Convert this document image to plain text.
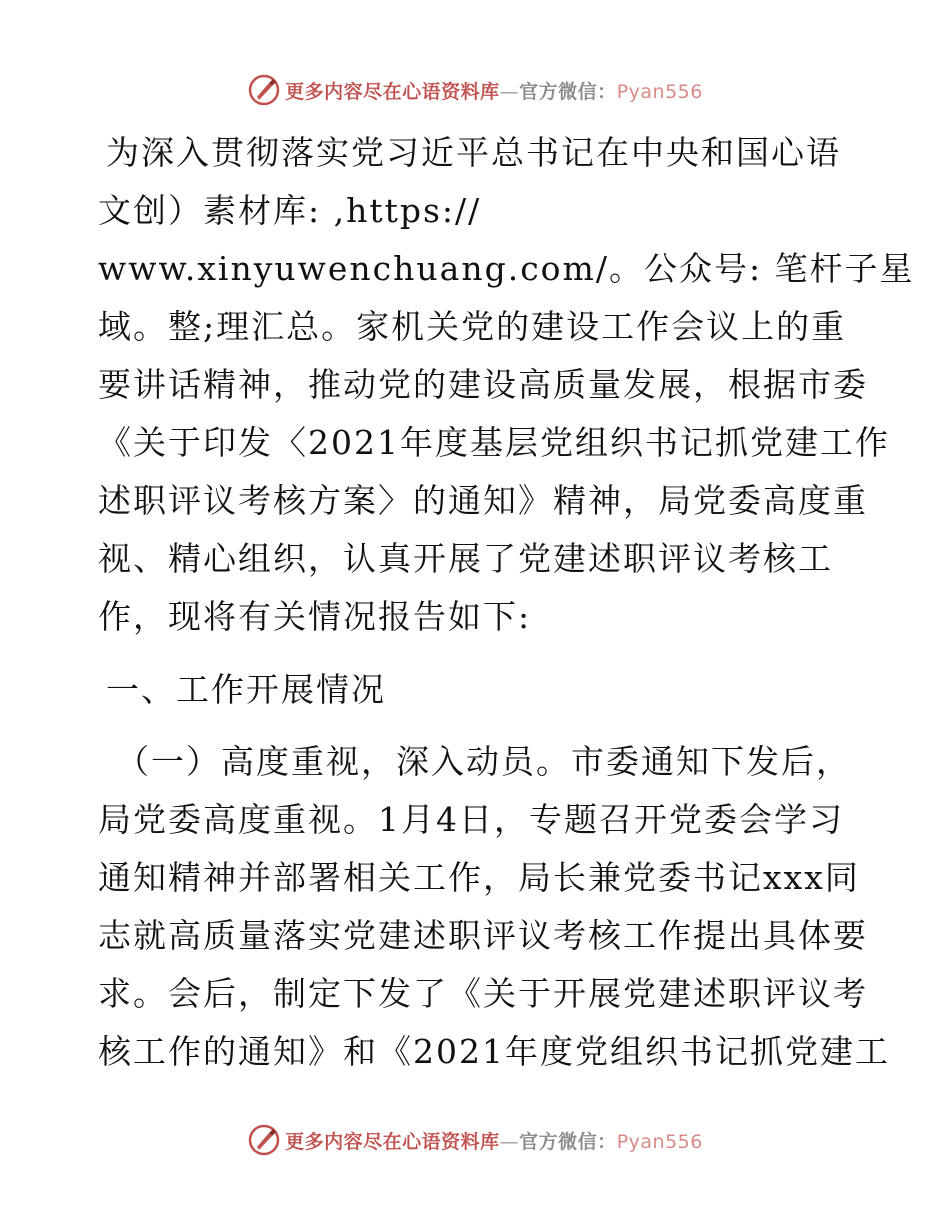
更多内容尽在心语资料库—官方微信：Pyan556
为深入贯彻落实党习近平总书记在中央和国心语
文创）素材库: ,https://
www.xinyuwenchuang.com/。公众号: 笔杆子星
域。整;理汇总。家机关党的建设工作会议上的重
要讲话精神，推动党的建设高质量发展，根据市委
《关于印发〈2021年度基层党组织书记抓党建工作
述职评议考核方案〉的通知》精神，局党委高度重
视、精心组织，认真开展了党建述职评议考核工
作，现将有关情况报告如下:
一、工作开展情况
（一）高度重视，深入动员。市委通知下发后，
局党委高度重视。1月4日，专题召开党委会学习
通知精神并部署相关工作，局长兼党委书记xxx同
志就高质量落实党建述职评议考核工作提出具体要
求。会后，制定下发了《关于开展党建述职评议考
核工作的通知》和《2021年度党组织书记抓党建工
更多内容尽在心语资料库—官方微信：Pyan556
